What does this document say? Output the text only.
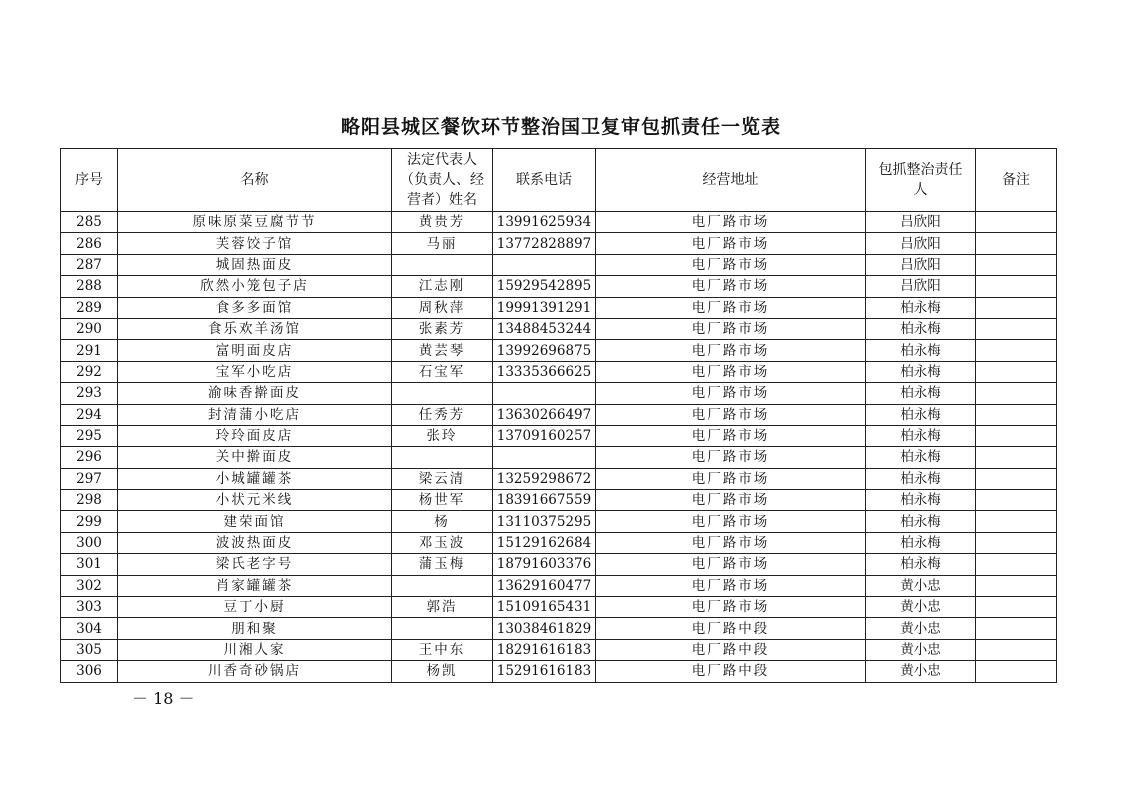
略阳县城区餐饮环节整治国卫复审包抓责任一览表
序号	名称	法定代表人（负责人、经营者）姓名	联系电话	经营地址	包抓整治责任人	备注
285	原味原菜豆腐节节	黄贵芳	13991625934	电厂路市场	吕欣阳	
286	芙蓉饺子馆	马丽	13772828897	电厂路市场	吕欣阳	
287	城固热面皮			电厂路市场	吕欣阳	
288	欣然小笼包子店	江志刚	15929542895	电厂路市场	吕欣阳	
289	食多多面馆	周秋萍	19991391291	电厂路市场	柏永梅	
290	食乐欢羊汤馆	张素芳	13488453244	电厂路市场	柏永梅	
291	富明面皮店	黄芸琴	13992696875	电厂路市场	柏永梅	
292	宝军小吃店	石宝军	13335366625	电厂路市场	柏永梅	
293	渝味香擀面皮			电厂路市场	柏永梅	
294	封清蒲小吃店	任秀芳	13630266497	电厂路市场	柏永梅	
295	玲玲面皮店	张玲	13709160257	电厂路市场	柏永梅	
296	关中擀面皮			电厂路市场	柏永梅	
297	小城罐罐茶	梁云清	13259298672	电厂路市场	柏永梅	
298	小状元米线	杨世军	18391667559	电厂路市场	柏永梅	
299	建荣面馆	杨	13110375295	电厂路市场	柏永梅	
300	波波热面皮	邓玉波	15129162684	电厂路市场	柏永梅	
301	梁氏老字号	蒲玉梅	18791603376	电厂路市场	柏永梅	
302	肖家罐罐茶		13629160477	电厂路市场	黄小忠	
303	豆丁小厨	郭浩	15109165431	电厂路市场	黄小忠	
304	朋和聚		13038461829	电厂路中段	黄小忠	
305	川湘人家	王中东	18291616183	电厂路中段	黄小忠	
306	川香奇砂锅店	杨凯	15291616183	电厂路中段	黄小忠	
－ 18 －
